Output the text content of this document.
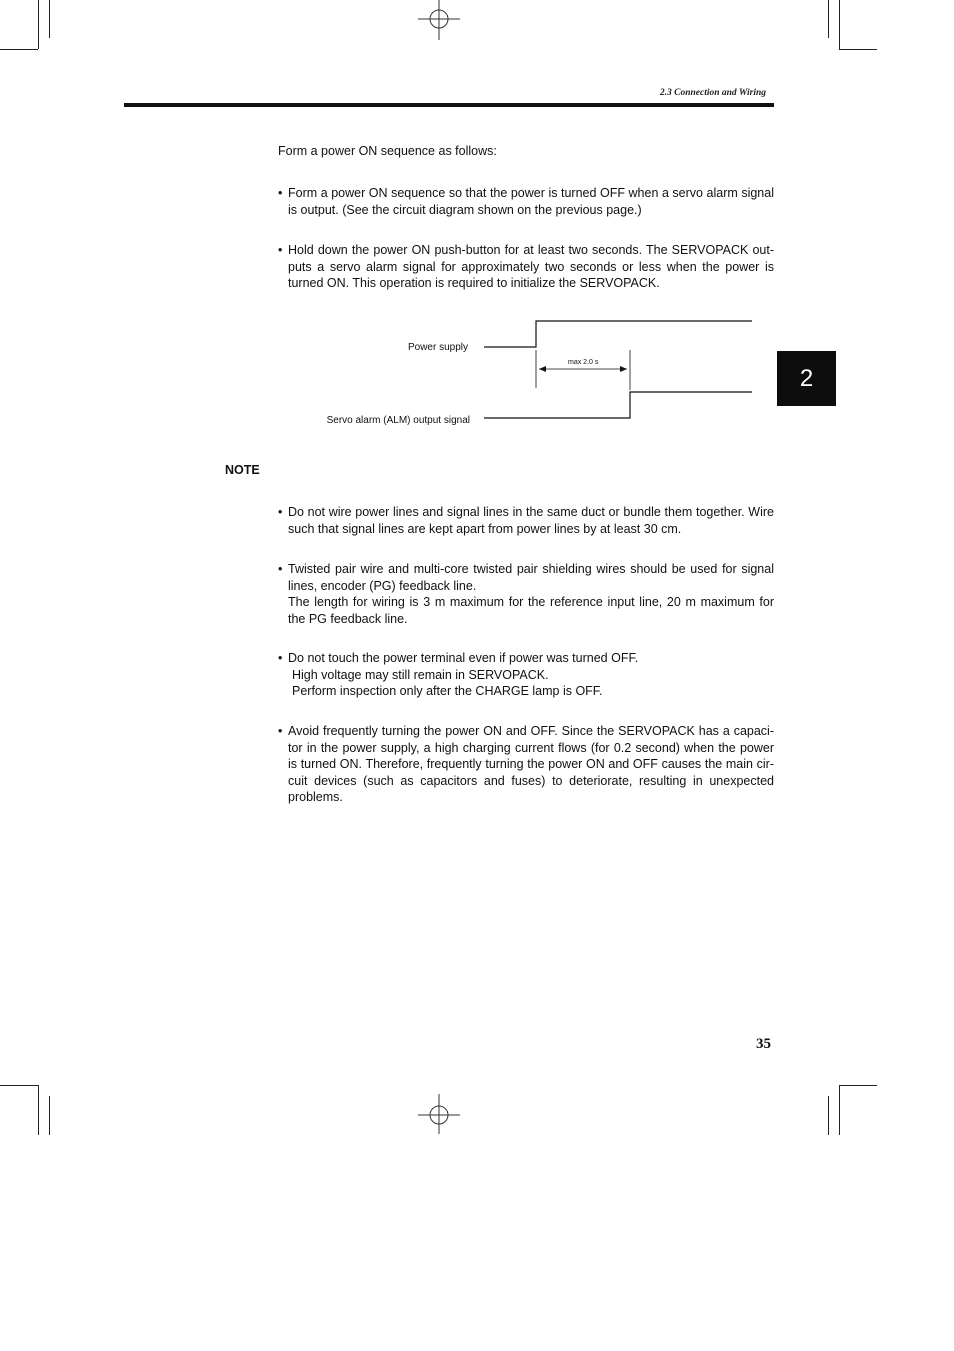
2.3 Connection and Wiring
2
Form a power ON sequence as follows:
• Form a power ON sequence so that the power is turned OFF when a servo alarm signal is output. (See the circuit diagram shown on the previous page.)
• Hold down the power ON push-button for at least two seconds. The SERVOPACK out- puts a servo alarm signal for approximately two seconds or less when the power is turned ON. This operation is required to initialize the SERVOPACK.
Power supply
Servo alarm (ALM) output signal
max 2.0 s
NOTE
• Do not wire power lines and signal lines in the same duct or bundle them together. Wire such that signal lines are kept apart from power lines by at least 30 cm.
• Twisted pair wire and multi-core twisted pair shielding wires should be used for signal lines, encoder (PG) feedback line.

The length for wiring is 3 m maximum for the reference input line, 20 m maximum for the PG feedback line.

• Do not touch the power terminal even if power was turned OFF.

High voltage may still remain in SERVOPACK.

Perform inspection only after the CHARGE lamp is OFF.

• Avoid frequently turning the power ON and OFF. Since the SERVOPACK has a capaci- tor in the power supply, a high charging current flows (for 0.2 second) when the power is turned ON. Therefore, frequently turning the power ON and OFF causes the main cir- cuit devices (such as capacitors and fuses) to deteriorate, resulting in unexpected problems.
35
